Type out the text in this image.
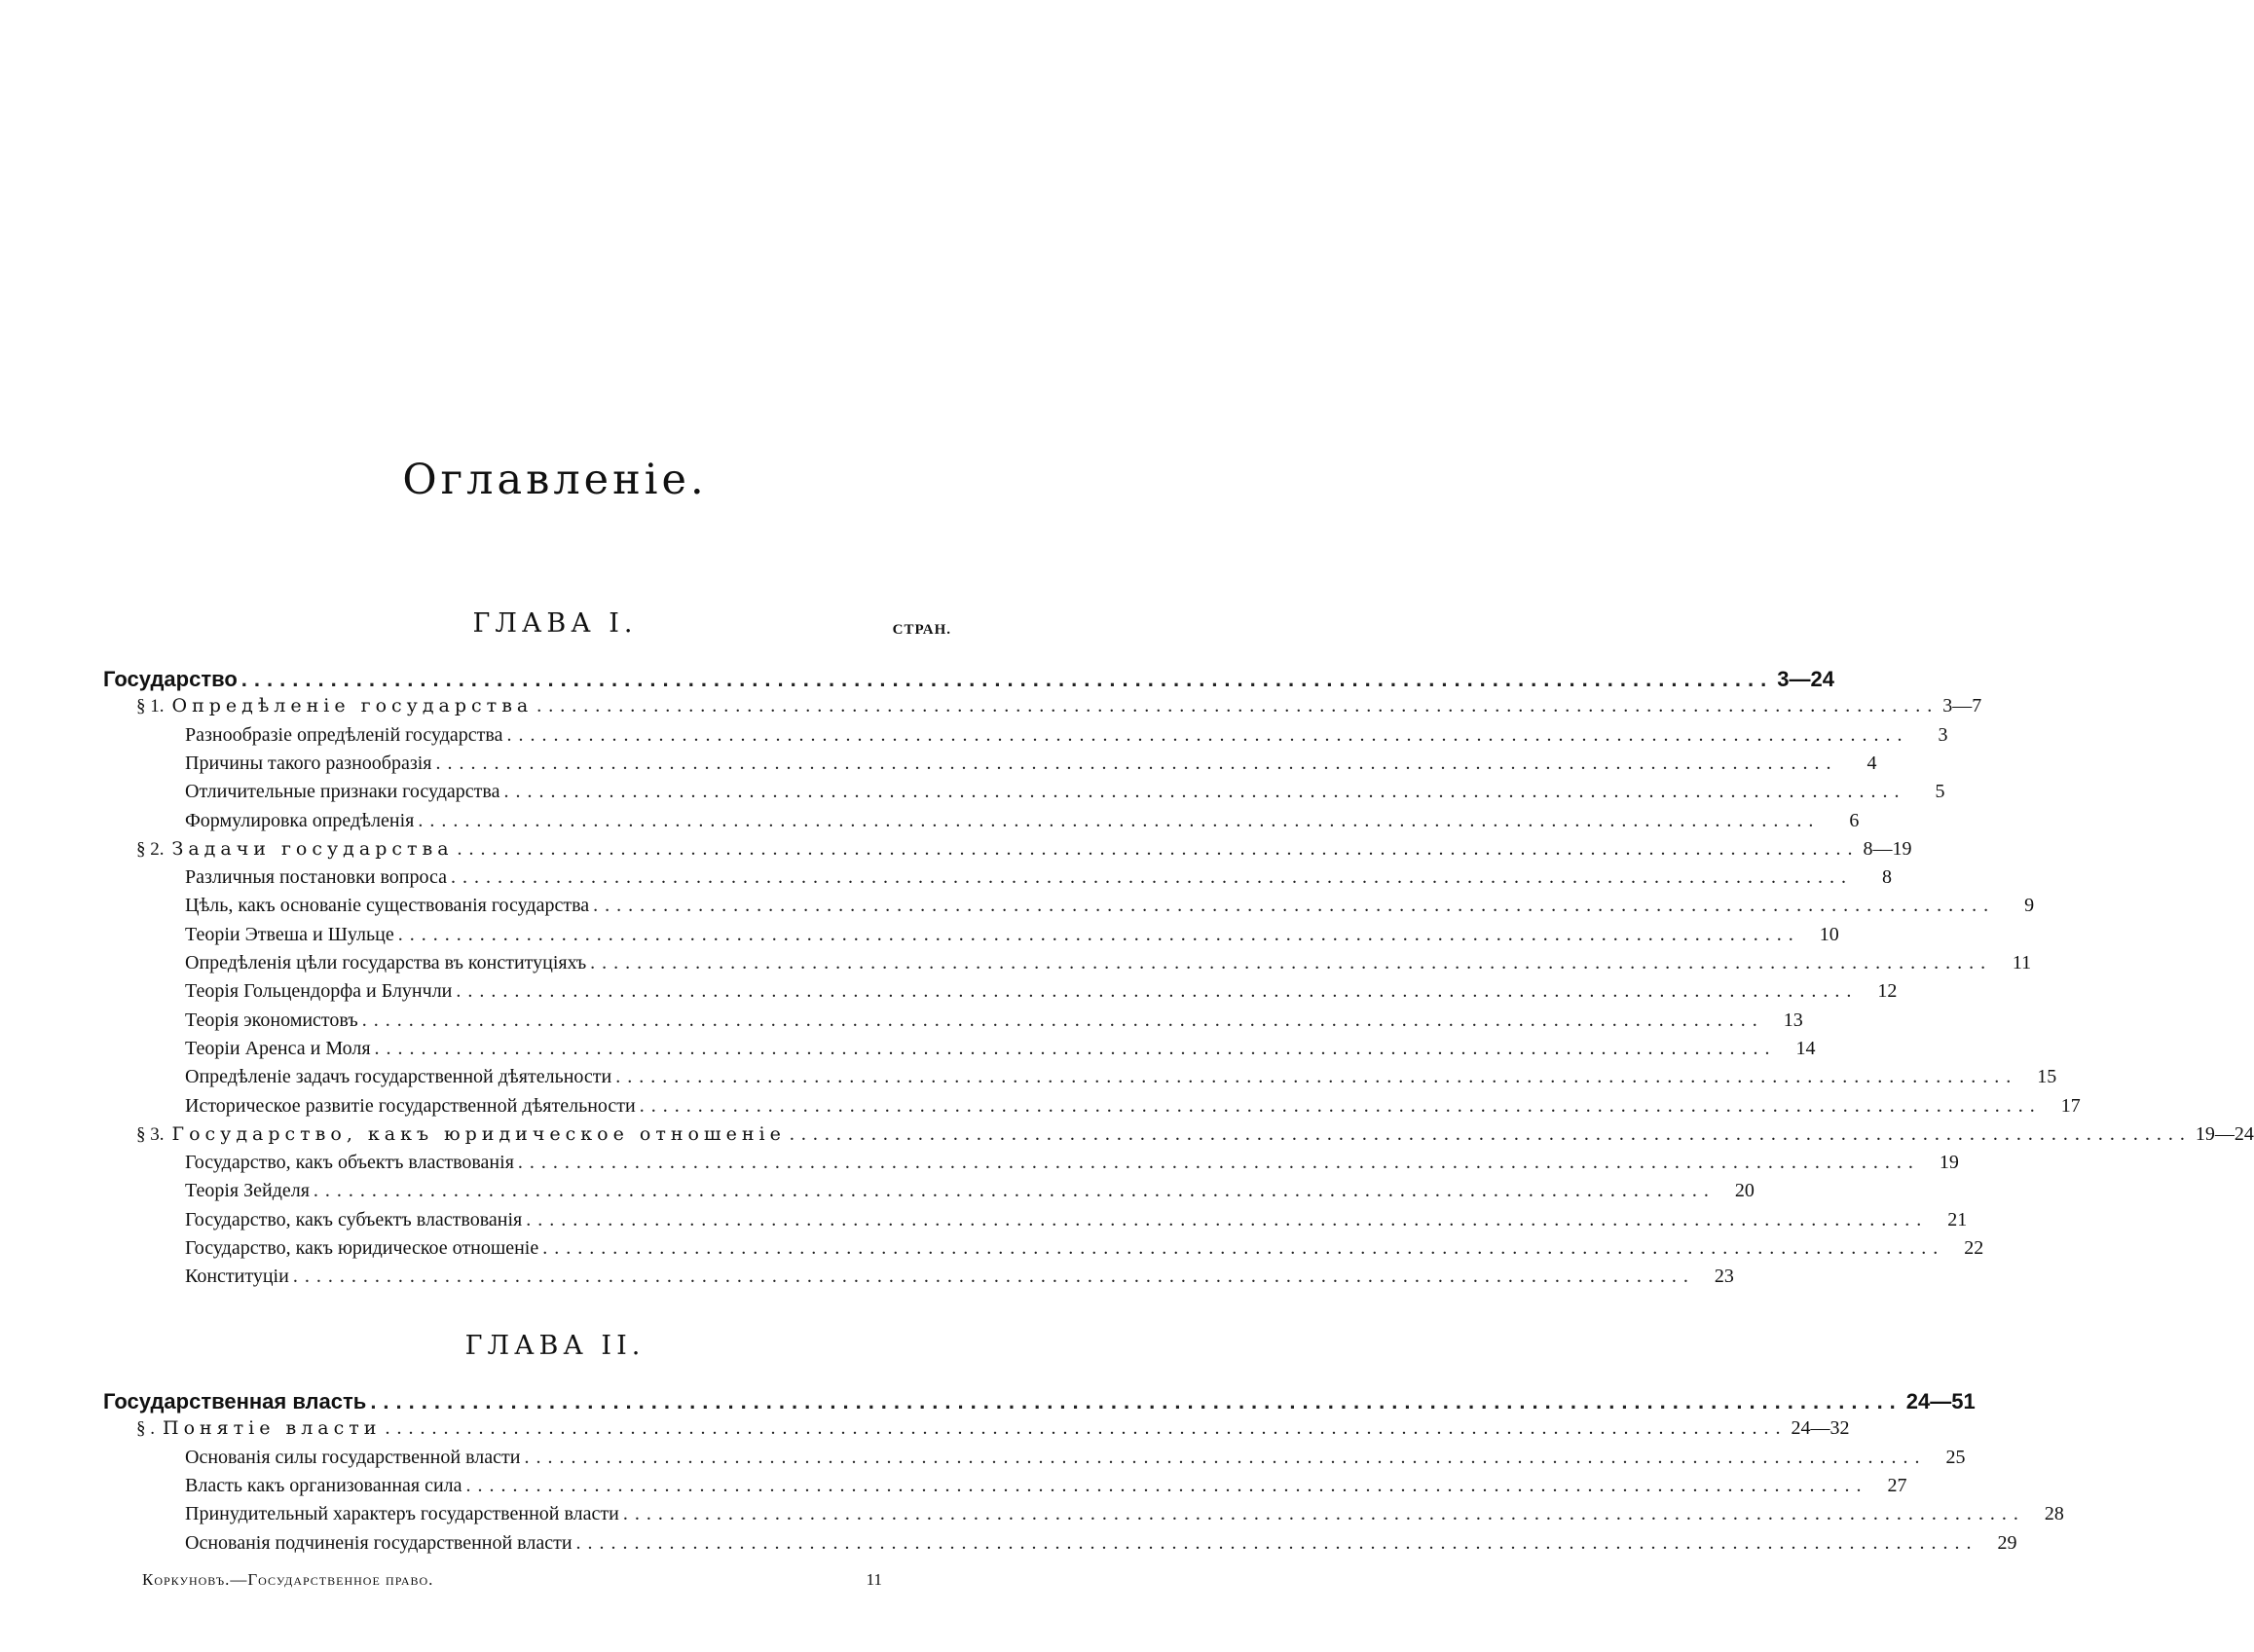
Оглавленіе.
ГЛАВА I.	СТРАН.
Государство ........................................................................................................................ 3—24
§ 1. Опредѣленіе государства ........................................................................................................................ 3—7
Разнообразіе опредѣленій государства ........................................................................................................................	3
Причины такого разнообразія ........................................................................................................................	4
Отличительные признаки государства ........................................................................................................................	5
Формулировка опредѣленія ........................................................................................................................	6
§ 2. Задачи государства ........................................................................................................................ 8—19
Различныя постановки вопроса ........................................................................................................................	8
Цѣль, какъ основаніе существованія государства ........................................................................................................................	9
Теоріи Этвеша и Шульце ........................................................................................................................	10
Опредѣленія цѣли государства въ конституціяхъ ........................................................................................................................	11
Теорія Гольцендорфа и Блунчли ........................................................................................................................	12
Теорія экономистовъ ........................................................................................................................	13
Теоріи Аренса и Моля ........................................................................................................................	14
Опредѣленіе задачъ государственной дѣятельности ........................................................................................................................	15
Историческое развитіе государственной дѣятельности ........................................................................................................................	17
§ 3. Государство, какъ юридическое отношеніе ........................................................................................................................ 19—24
Государство, какъ объектъ властвованія ........................................................................................................................	19
Теорія Зейделя ........................................................................................................................	20
Государство, какъ субъектъ властвованія ........................................................................................................................	21
Государство, какъ юридическое отношеніе ........................................................................................................................	22
Конституціи ........................................................................................................................	23
ГЛАВА II.
Государственная власть ........................................................................................................................ 24—51
§ . Понятіе власти ........................................................................................................................ 24—32
Основанія силы государственной власти ........................................................................................................................	25
Власть какъ организованная сила ........................................................................................................................	27
Принудительный характеръ государственной власти ........................................................................................................................	28
Основанія подчиненія государственной власти ........................................................................................................................	29
Коркуновъ.—Государственное право.	11
